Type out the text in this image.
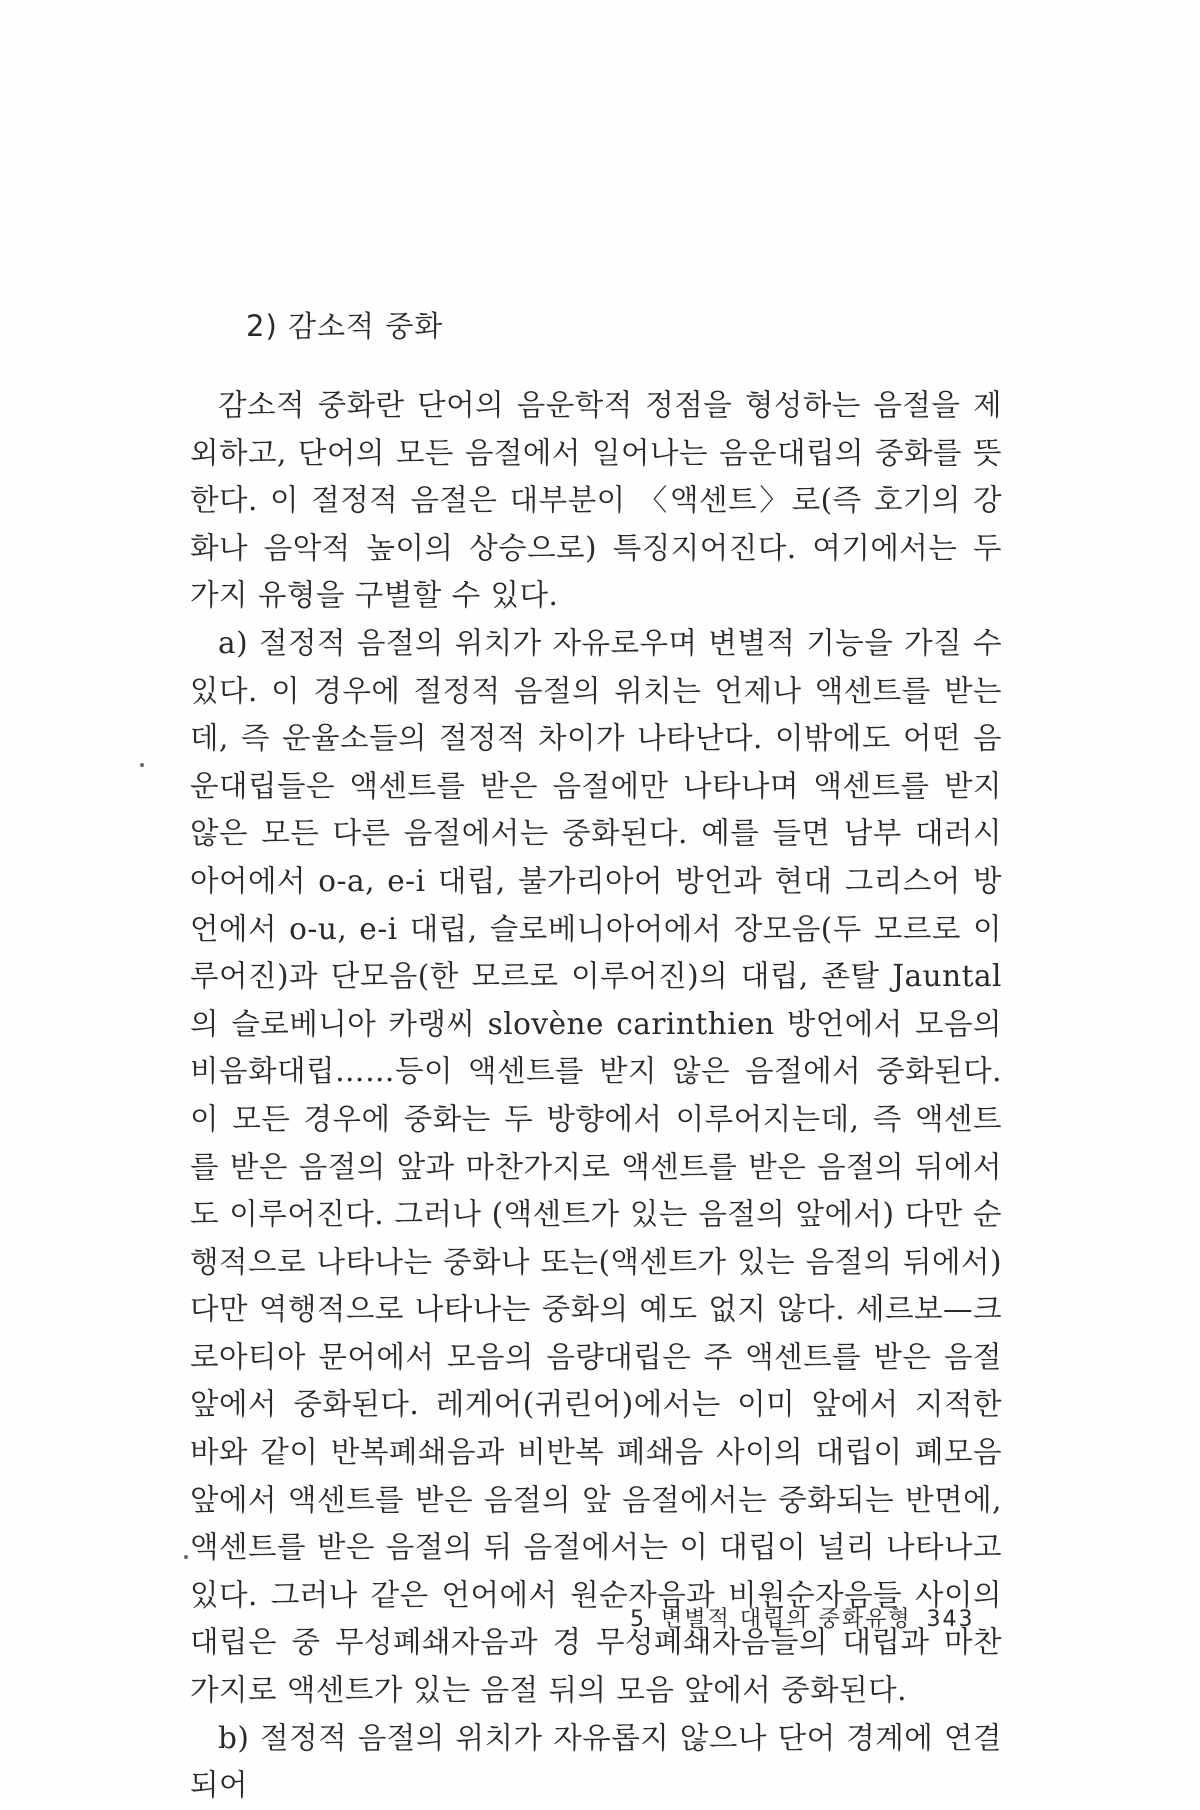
2) 감소적 중화

감소적 중화란 단어의 음운학적 정점을 형성하는 음절을 제외하고, 단어의 모든 음절에서 일어나는 음운대립의 중화를 뜻한다. 이 절정적 음절은 대부분이 〈액센트〉로(즉 호기의 강화나 음악적 높이의 상승으로) 특징지어진다. 여기에서는 두 가지 유형을 구별할 수 있다.

a) 절정적 음절의 위치가 자유로우며 변별적 기능을 가질 수 있다. 이 경우에 절정적 음절의 위치는 언제나 액센트를 받는데, 즉 운율소들의 절정적 차이가 나타난다. 이밖에도 어떤 음운대립들은 액센트를 받은 음절에만 나타나며 액센트를 받지 않은 모든 다른 음절에서는 중화된다. 예를 들면 남부 대러시아어에서 o-a, e-i 대립, 불가리아어 방언과 현대 그리스어 방언에서 o-u, e-i 대립, 슬로베니아어에서 장모음(두 모르로 이루어진)과 단모음(한 모르로 이루어진)의 대립, 죤탈 Jauntal 의 슬로베니아 카랭씨 slovène carinthien 방언에서 모음의 비음화대립……등이 액센트를 받지 않은 음절에서 중화된다. 이 모든 경우에 중화는 두 방향에서 이루어지는데, 즉 액센트를 받은 음절의 앞과 마찬가지로 액센트를 받은 음절의 뒤에서도 이루어진다. 그러나 (액센트가 있는 음절의 앞에서) 다만 순행적으로 나타나는 중화나 또는(액센트가 있는 음절의 뒤에서) 다만 역행적으로 나타나는 중화의 예도 없지 않다. 세르보—크로아티아 문어에서 모음의 음량대립은 주 액센트를 받은 음절 앞에서 중화된다. 레게어(귀린어)에서는 이미 앞에서 지적한 바와 같이 반복폐쇄음과 비반복 폐쇄음 사이의 대립이 폐모음 앞에서 액센트를 받은 음절의 앞 음절에서는 중화되는 반면에, 액센트를 받은 음절의 뒤 음절에서는 이 대립이 널리 나타나고 있다. 그러나 같은 언어에서 원순자음과 비원순자음들 사이의 대립은 중 무성폐쇄자음과 경 무성폐쇄자음들의 대립과 마찬가지로 액센트가 있는 음절 뒤의 모음 앞에서 중화된다.

b) 절정적 음절의 위치가 자유롭지 않으나 단어 경계에 연결되어

5 변별적 대립의 중화유형 343
